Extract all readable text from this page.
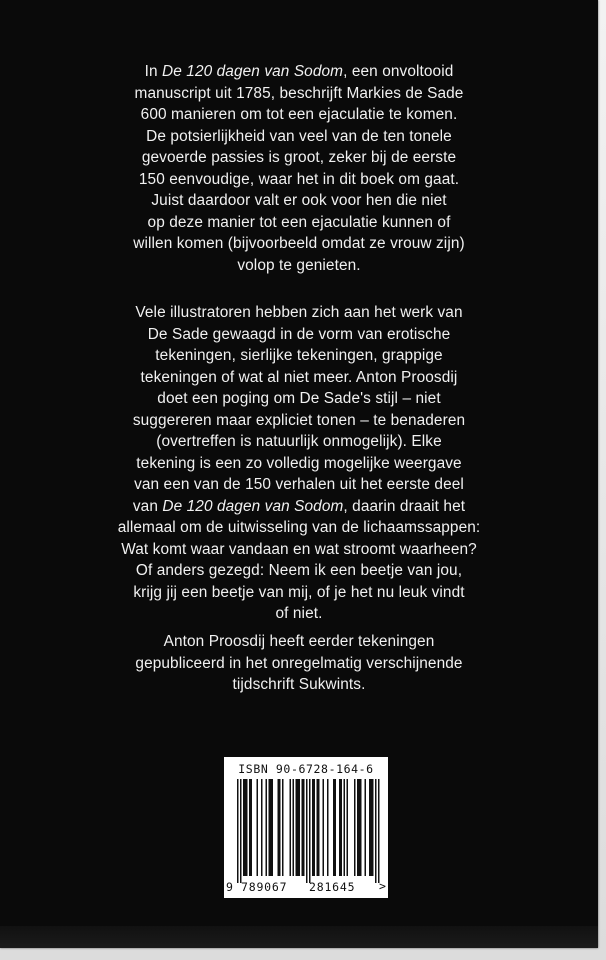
In De 120 dagen van Sodom, een onvoltooid
manuscript uit 1785, beschrijft Markies de Sade
600 manieren om tot een ejaculatie te komen.
De potsierlijkheid van veel van de ten tonele
gevoerde passies is groot, zeker bij de eerste
150 eenvoudige, waar het in dit boek om gaat.
Juist daardoor valt er ook voor hen die niet
op deze manier tot een ejaculatie kunnen of
willen komen (bijvoorbeeld omdat ze vrouw zijn)
volop te genieten.
Vele illustratoren hebben zich aan het werk van
De Sade gewaagd in de vorm van erotische
tekeningen, sierlijke tekeningen, grappige
tekeningen of wat al niet meer. Anton Proosdij
doet een poging om De Sade's stijl – niet
suggereren maar expliciet tonen – te benaderen
(overtreffen is natuurlijk onmogelijk). Elke
tekening is een zo volledig mogelijke weergave
van een van de 150 verhalen uit het eerste deel
van De 120 dagen van Sodom, daarin draait het
allemaal om de uitwisseling van de lichaamssappen:
Wat komt waar vandaan en wat stroomt waarheen?
Of anders gezegd: Neem ik een beetje van jou,
krijg jij een beetje van mij, of je het nu leuk vindt
of niet.
Anton Proosdij heeft eerder tekeningen
gepubliceerd in het onregelmatig verschijnende
tijdschrift Sukwints.
ISBN 90-6728-164-6
9 789067 281645 >
